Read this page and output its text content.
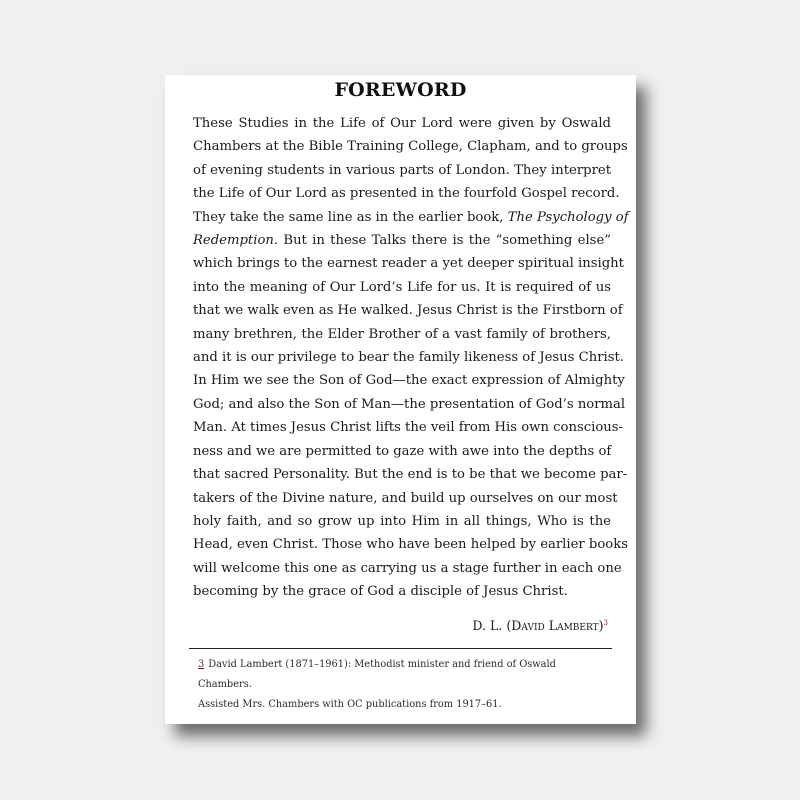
FOREWORD
These Studies in the Life of Our Lord were given by Oswald
Chambers at the Bible Training College, Clapham, and to groups
of evening students in various parts of London. They interpret
the Life of Our Lord as presented in the fourfold Gospel record.
They take the same line as in the earlier book, The Psychology of
Redemption. But in these Talks there is the “something else”
which brings to the earnest reader a yet deeper spiritual insight
into the meaning of Our Lord’s Life for us. It is required of us
that we walk even as He walked. Jesus Christ is the Firstborn of
many brethren, the Elder Brother of a vast family of brothers,
and it is our privilege to bear the family likeness of Jesus Christ.
In Him we see the Son of God—the exact expression of Almighty
God; and also the Son of Man—the presentation of God’s normal
Man. At times Jesus Christ lifts the veil from His own conscious-
ness and we are permitted to gaze with awe into the depths of
that sacred Personality. But the end is to be that we become par-
takers of the Divine nature, and build up ourselves on our most
holy faith, and so grow up into Him in all things, Who is the
Head, even Christ. Those who have been helped by earlier books
will welcome this one as carrying us a stage further in each one
becoming by the grace of God a disciple of Jesus Christ.
D. L. (David Lambert)$^3$
3 David Lambert (1871–1961): Methodist minister and friend of Oswald Chambers.
Assisted Mrs. Chambers with OC publications from 1917–61.
